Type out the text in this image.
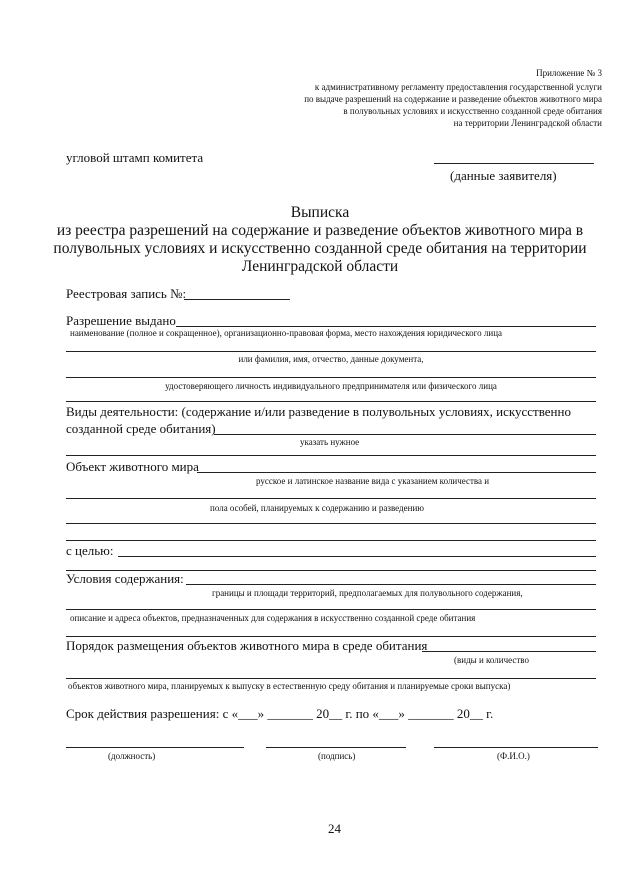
Приложение № 3
к административному регламенту предоставления государственной услуги
по выдаче разрешений на содержание и разведение объектов животного мира
в полувольных условиях и искусственно созданной среде обитания
на территории Ленинградской области
угловой штамп комитета
(данные заявителя)
Выписка
из реестра разрешений на содержание и разведение объектов животного мира в
полувольных условиях и искусственно созданной среде обитания на территории
Ленинградской области
Реестровая запись №:
Разрешение выдано
наименование (полное и сокращенное), организационно-правовая форма, место нахождения юридического лица
или фамилия, имя, отчество, данные документа,
удостоверяющего личность индивидуального предпринимателя или физического лица
Виды деятельности: (содержание и/или разведение в полувольных условиях, искусственно
созданной среде обитания)
указать нужное
Объект животного мира
русское и латинское название вида с указанием количества и
пола особей, планируемых к содержанию и разведению
с целью:
Условия содержания:
границы и площади территорий, предполагаемых для полувольного содержания,
описание и адреса объектов, предназначенных для содержания в искусственно созданной среде обитания
Порядок размещения объектов животного мира в среде обитания
(виды и количество
объектов животного мира, планируемых к выпуску в естественную среду обитания и планируемые сроки выпуска)
Срок действия разрешения: с «___» _______ 20__ г. по «___» _______ 20__ г.
(должность)	(подпись)	(Ф.И.О.)
24
